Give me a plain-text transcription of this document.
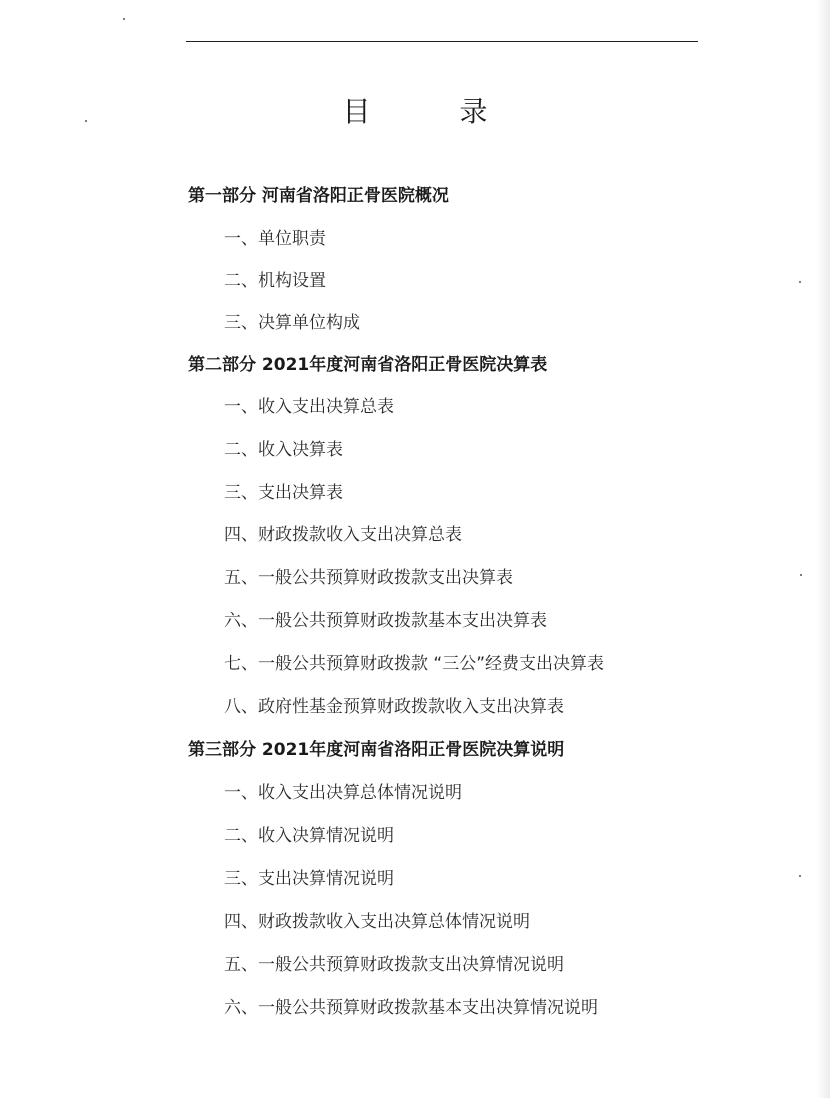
目 录
第一部分 河南省洛阳正骨医院概况
一、单位职责
二、机构设置
三、决算单位构成
第二部分 2021年度河南省洛阳正骨医院决算表
一、收入支出决算总表
二、收入决算表
三、支出决算表
四、财政拨款收入支出决算总表
五、一般公共预算财政拨款支出决算表
六、一般公共预算财政拨款基本支出决算表
七、一般公共预算财政拨款 “三公”经费支出决算表
八、政府性基金预算财政拨款收入支出决算表
第三部分 2021年度河南省洛阳正骨医院决算说明
一、收入支出决算总体情况说明
二、收入决算情况说明
三、支出决算情况说明
四、财政拨款收入支出决算总体情况说明
五、一般公共预算财政拨款支出决算情况说明
六、一般公共预算财政拨款基本支出决算情况说明
